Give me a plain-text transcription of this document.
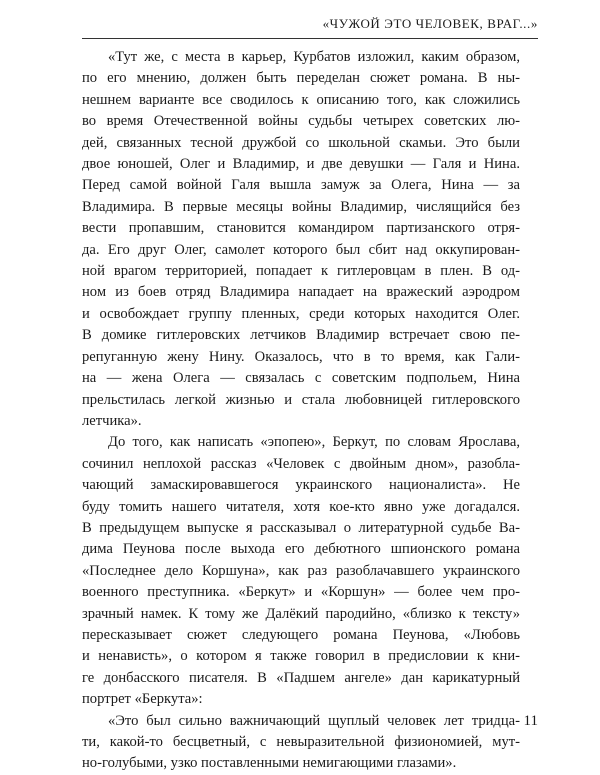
«ЧУЖОЙ ЭТО ЧЕЛОВЕК, ВРАГ...»
«Тут же, с места в карьер, Курбатов изложил, каким образом,
по его мнению, должен быть переделан сюжет романа. В ны-
нешнем варианте все сводилось к описанию того, как сложились
во время Отечественной войны судьбы четырех советских лю-
дей, связанных тесной дружбой со школьной скамьи. Это были
двое юношей, Олег и Владимир, и две девушки — Галя и Нина.
Перед самой войной Галя вышла замуж за Олега, Нина — за
Владимира. В первые месяцы войны Владимир, числящийся без
вести пропавшим, становится командиром партизанского отря-
да. Его друг Олег, самолет которого был сбит над оккупирован-
ной врагом территорией, попадает к гитлеровцам в плен. В од-
ном из боев отряд Владимира нападает на вражеский аэродром
и освобождает группу пленных, среди которых находится Олег.
В домике гитлеровских летчиков Владимир встречает свою пе-
репуганную жену Нину. Оказалось, что в то время, как Гали-
на — жена Олега — связалась с советским подпольем, Нина
прельстилась легкой жизнью и стала любовницей гитлеровского
летчика».
До того, как написать «эпопею», Беркут, по словам Ярослава,
сочинил неплохой рассказ «Человек с двойным дном», разобла-
чающий замаскировавшегося украинского националиста». Не
буду томить нашего читателя, хотя кое-кто явно уже догадался.
В предыдущем выпуске я рассказывал о литературной судьбе Ва-
дима Пеунова после выхода его дебютного шпионского романа
«Последнее дело Коршуна», как раз разоблачавшего украинского
военного преступника. «Беркут» и «Коршун» — более чем про-
зрачный намек. К тому же Далёкий пародийно, «близко к тексту»
пересказывает сюжет следующего романа Пеунова, «Любовь
и ненависть», о котором я также говорил в предисловии к кни-
ге донбасского писателя. В «Падшем ангеле» дан карикатурный
портрет «Беркута»:
«Это был сильно важничающий щуплый человек лет тридца-
ти, какой-то бесцветный, с невыразительной физиономией, мут-
но-голубыми, узко поставленными немигающими глазами».
11
